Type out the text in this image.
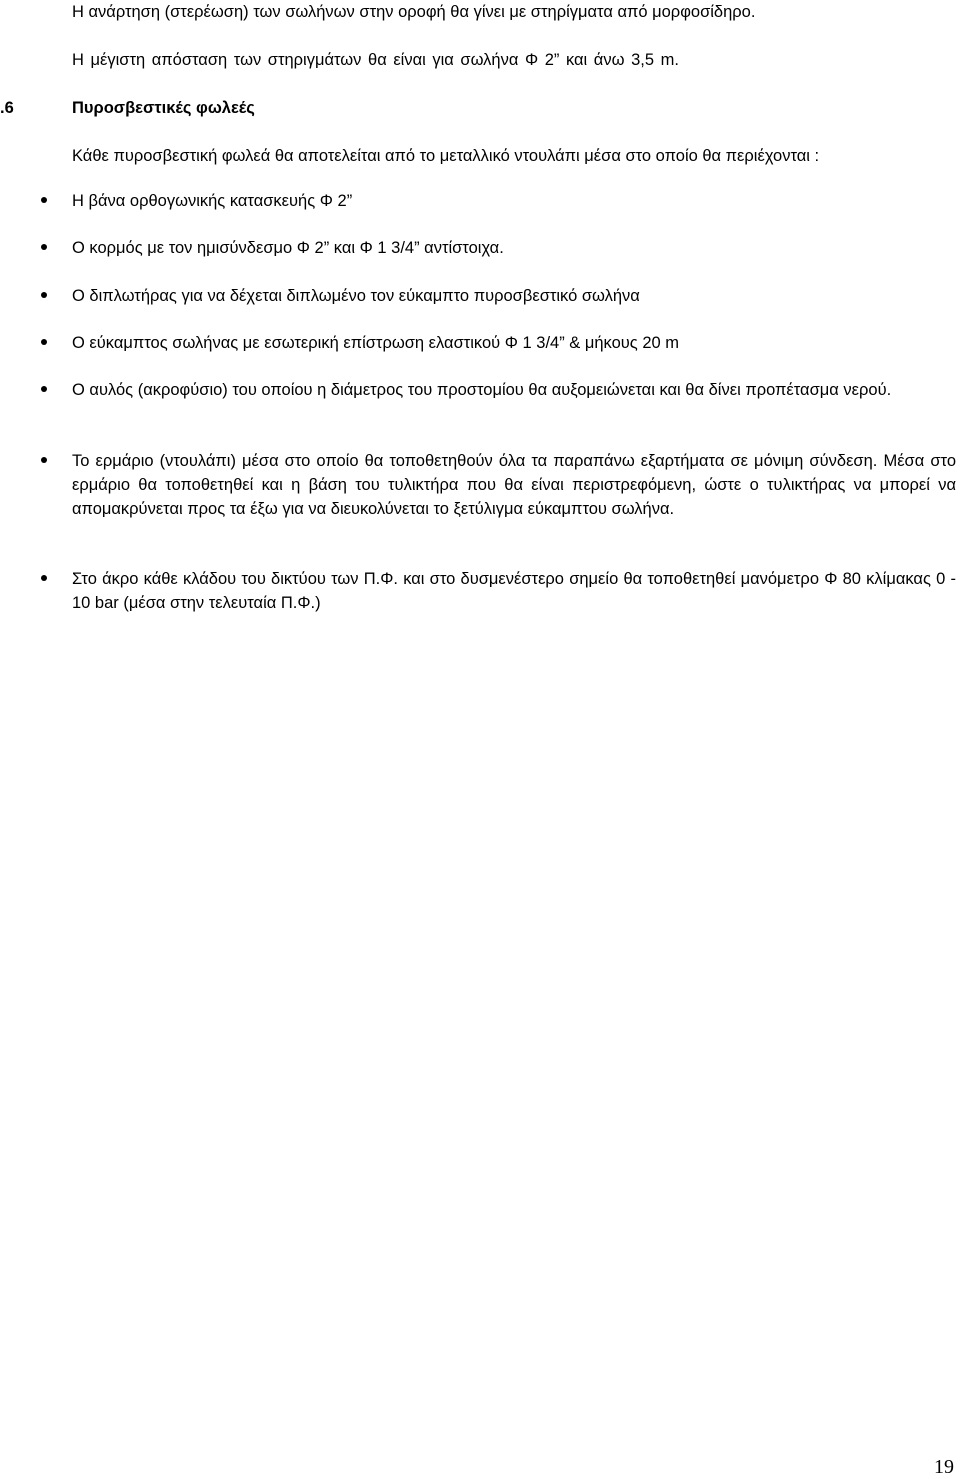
Η ανάρτηση (στερέωση) των σωλήνων στην οροφή θα γίνει με στηρίγματα από μορφοσίδηρο.
Η μέγιστη απόσταση των στηριγμάτων θα είναι για σωλήνα Φ 2” και άνω 3,5 m.
.6	Πυροσβεστικές φωλεές
Κάθε πυροσβεστική φωλεά θα αποτελείται από το μεταλλικό ντουλάπι μέσα στο οποίο θα περιέχονται :
Η βάνα ορθογωνικής κατασκευής Φ 2”
Ο κορμός με τον ημισύνδεσμο Φ 2” και Φ 1 3/4” αντίστοιχα.
Ο διπλωτήρας για να δέχεται διπλωμένο τον εύκαμπτο πυροσβεστικό σωλήνα
Ο εύκαμπτος σωλήνας με εσωτερική επίστρωση ελαστικού Φ 1 3/4” & μήκους 20 m
Ο αυλός (ακροφύσιο) του οποίου η διάμετρος του προστομίου θα αυξομειώνεται και θα δίνει προπέτασμα νερού.
Το ερμάριο (ντουλάπι) μέσα στο οποίο θα τοποθετηθούν όλα τα παραπάνω εξαρτήματα σε μόνιμη σύνδεση. Μέσα στο ερμάριο θα τοποθετηθεί και η βάση του τυλικτήρα που θα είναι περιστρεφόμενη, ώστε ο τυλικτήρας να μπορεί να απομακρύνεται προς τα έξω για να διευκολύνεται το ξετύλιγμα εύκαμπτου σωλήνα.
Στο άκρο κάθε κλάδου του δικτύου των Π.Φ. και στο δυσμενέστερο σημείο θα τοποθετηθεί μανόμετρο Φ 80 κλίμακας 0 - 10 bar (μέσα στην τελευταία Π.Φ.)
19
